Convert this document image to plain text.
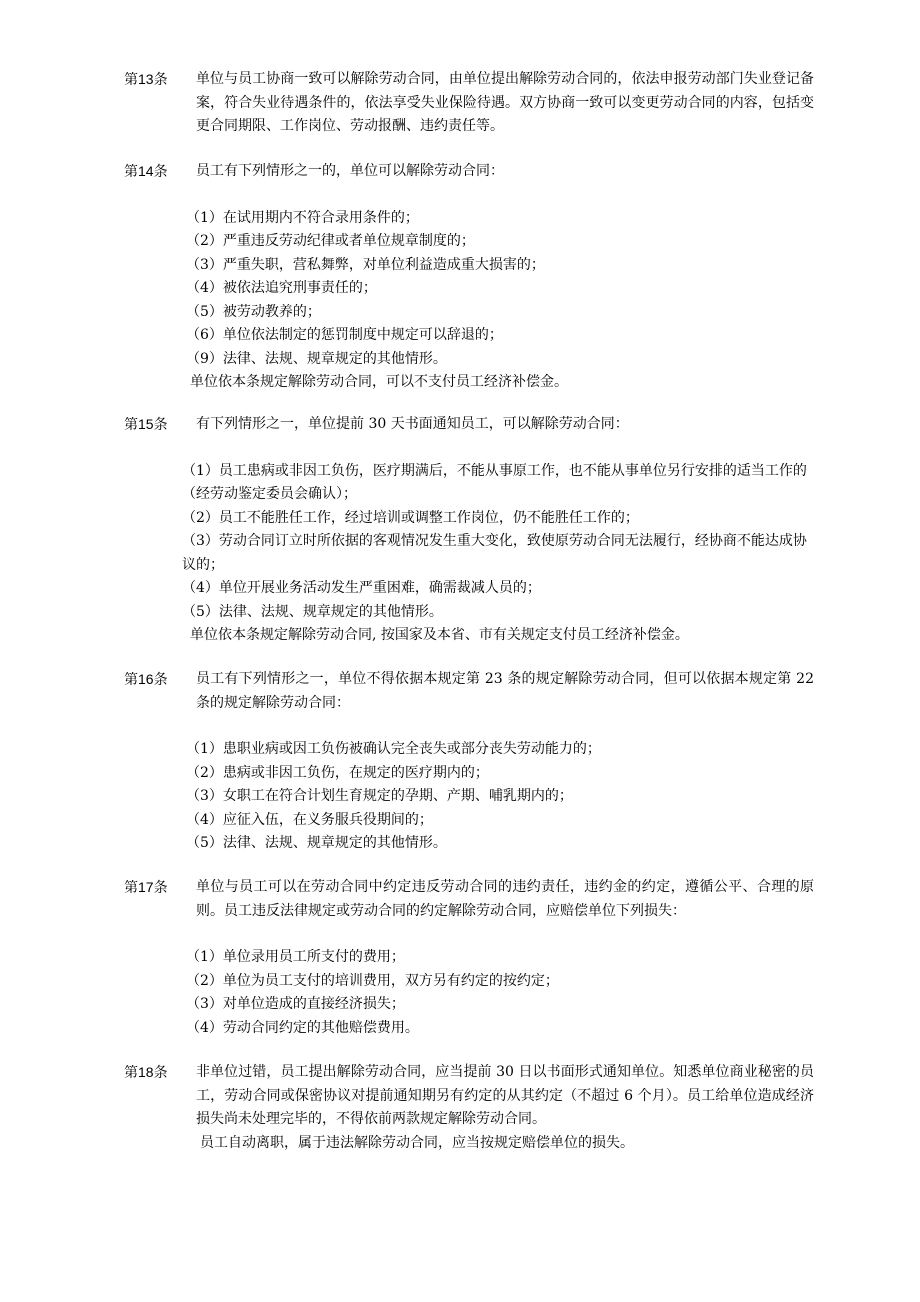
第13条	单位与员工协商一致可以解除劳动合同，由单位提出解除劳动合同的，依法申报劳动部门失业登记备案，符合失业待遇条件的，依法享受失业保险待遇。双方协商一致可以变更劳动合同的内容，包括变更合同期限、工作岗位、劳动报酬、违约责任等。
第14条	员工有下列情形之一的，单位可以解除劳动合同：
（1）在试用期内不符合录用条件的；
（2）严重违反劳动纪律或者单位规章制度的；
（3）严重失职，营私舞弊，对单位利益造成重大损害的；
（4）被依法追究刑事责任的；
（5）被劳动教养的；
（6）单位依法制定的惩罚制度中规定可以辞退的；
（9）法律、法规、规章规定的其他情形。
单位依本条规定解除劳动合同，可以不支付员工经济补偿金。
第15条	有下列情形之一，单位提前 30 天书面通知员工，可以解除劳动合同：
（1）员工患病或非因工负伤，医疗期满后，不能从事原工作，也不能从事单位另行安排的适当工作的（经劳动鉴定委员会确认）；
（2）员工不能胜任工作，经过培训或调整工作岗位，仍不能胜任工作的；
（3）劳动合同订立时所依据的客观情况发生重大变化，致使原劳动合同无法履行，经协商不能达成协议的；
（4）单位开展业务活动发生严重困难，确需裁减人员的；
（5）法律、法规、规章规定的其他情形。
单位依本条规定解除劳动合同, 按国家及本省、市有关规定支付员工经济补偿金。
第16条	员工有下列情形之一，单位不得依据本规定第 23 条的规定解除劳动合同，但可以依据本规定第 22 条的规定解除劳动合同：
（1）患职业病或因工负伤被确认完全丧失或部分丧失劳动能力的；
（2）患病或非因工负伤，在规定的医疗期内的；
（3）女职工在符合计划生育规定的孕期、产期、哺乳期内的；
（4）应征入伍，在义务服兵役期间的；
（5）法律、法规、规章规定的其他情形。
第17条	单位与员工可以在劳动合同中约定违反劳动合同的违约责任，违约金的约定，遵循公平、合理的原则。员工违反法律规定或劳动合同的约定解除劳动合同，应赔偿单位下列损失：
（1）单位录用员工所支付的费用；
（2）单位为员工支付的培训费用，双方另有约定的按约定；
（3）对单位造成的直接经济损失；
（4）劳动合同约定的其他赔偿费用。
第18条	非单位过错，员工提出解除劳动合同，应当提前 30 日以书面形式通知单位。知悉单位商业秘密的员工，劳动合同或保密协议对提前通知期另有约定的从其约定（不超过 6 个月）。员工给单位造成经济损失尚未处理完毕的，不得依前两款规定解除劳动合同。
员工自动离职，属于违法解除劳动合同，应当按规定赔偿单位的损失。
